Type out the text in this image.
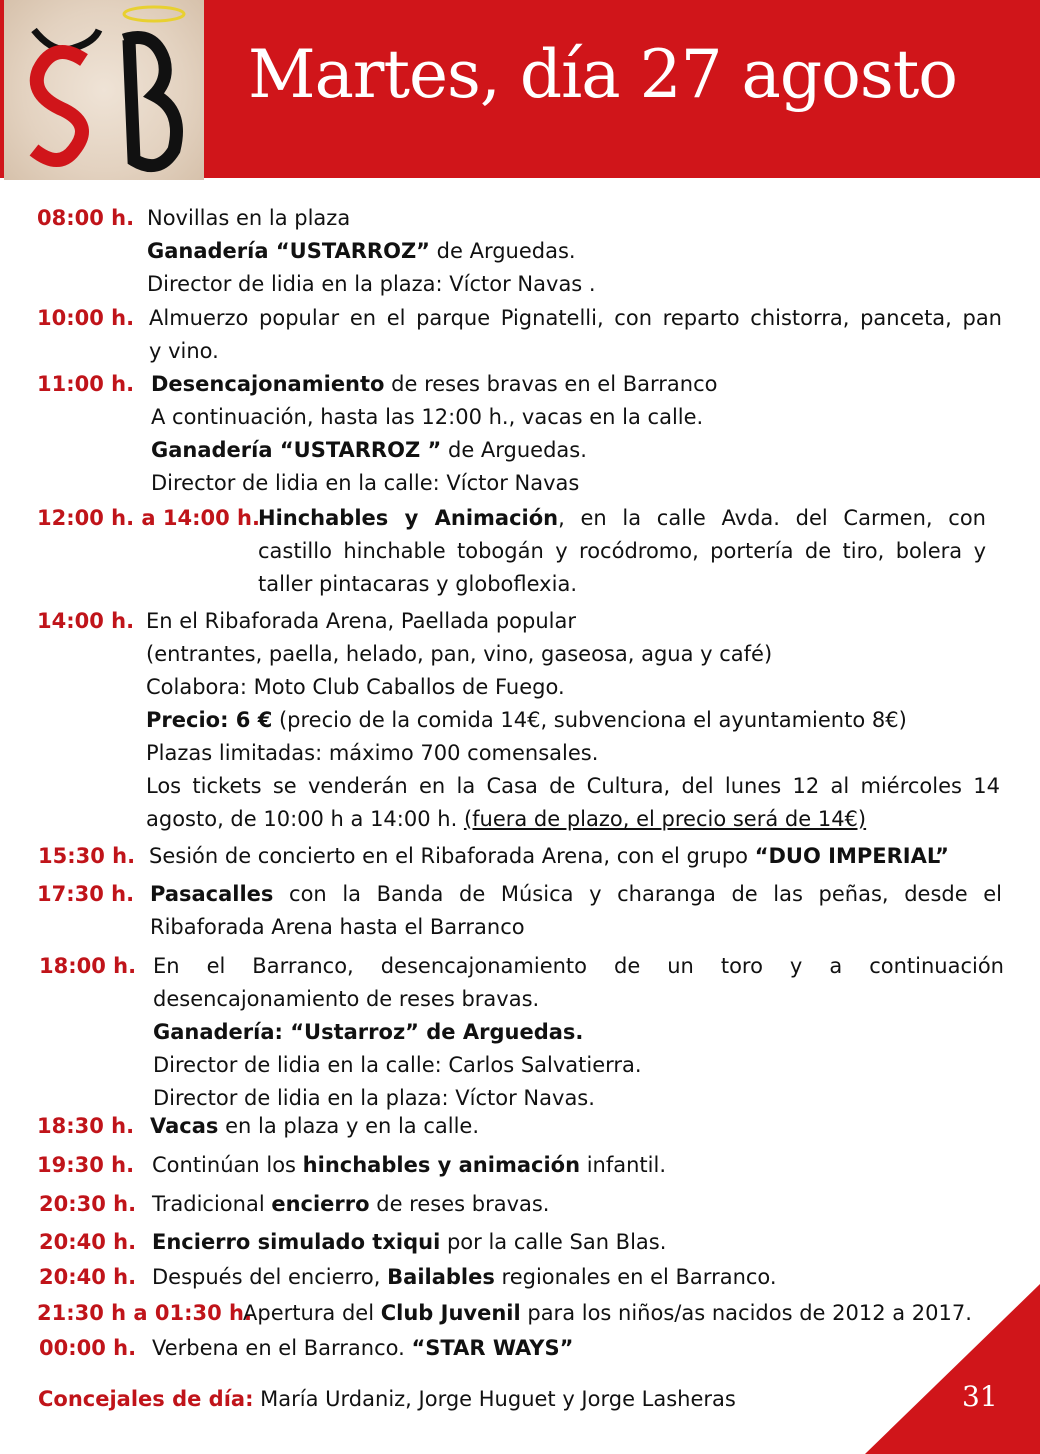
Martes, día 27 agosto
08:00 h. Novillas en la plaza
Ganadería “USTARROZ” de Arguedas.
Director de lidia en la plaza: Víctor Navas .
10:00 h. Almuerzo popular en el parque Pignatelli, con reparto chistorra, panceta, pan
y vino.
11:00 h. Desencajonamiento de reses bravas en el Barranco
A continuación, hasta las 12:00 h., vacas en la calle.
Ganadería “USTARROZ ” de Arguedas.
Director de lidia en la calle: Víctor Navas
12:00 h. a 14:00 h.
Hinchables y Animación, en la calle Avda. del Carmen, con
castillo hinchable tobogán y rocódromo, portería de tiro, bolera y
taller pintacaras y globoflexia.
14:00 h. En el Ribaforada Arena, Paellada popular
(entrantes, paella, helado, pan, vino, gaseosa, agua y café)
Colabora: Moto Club Caballos de Fuego.
Precio: 6 € (precio de la comida 14€, subvenciona el ayuntamiento 8€)
Plazas limitadas: máximo 700 comensales.
Los tickets se venderán en la Casa de Cultura, del lunes 12 al miércoles 14
agosto, de 10:00 h a 14:00 h. (fuera de plazo, el precio será de 14€)
15:30 h. Sesión de concierto en el Ribaforada Arena, con el grupo “DUO IMPERIAL”
17:30 h. Pasacalles con la Banda de Música y charanga de las peñas, desde el
Ribaforada Arena hasta el Barranco
18:00 h. En el Barranco, desencajonamiento de un toro y a continuación
desencajonamiento de reses bravas.
Ganadería: “Ustarroz” de Arguedas.
Director de lidia en la calle: Carlos Salvatierra.
Director de lidia en la plaza: Víctor Navas.
18:30 h. Vacas en la plaza y en la calle.
19:30 h. Continúan los hinchables y animación infantil.
20:30 h. Tradicional encierro de reses bravas.
20:40 h. Encierro simulado txiqui por la calle San Blas.
20:40 h. Después del encierro, Bailables regionales en el Barranco.
21:30 h a 01:30 h.
Apertura del Club Juvenil para los niños/as nacidos de 2012 a 2017.
00:00 h. Verbena en el Barranco. “STAR WAYS”
Concejales de día: María Urdaniz, Jorge Huguet y Jorge Lasheras	31
